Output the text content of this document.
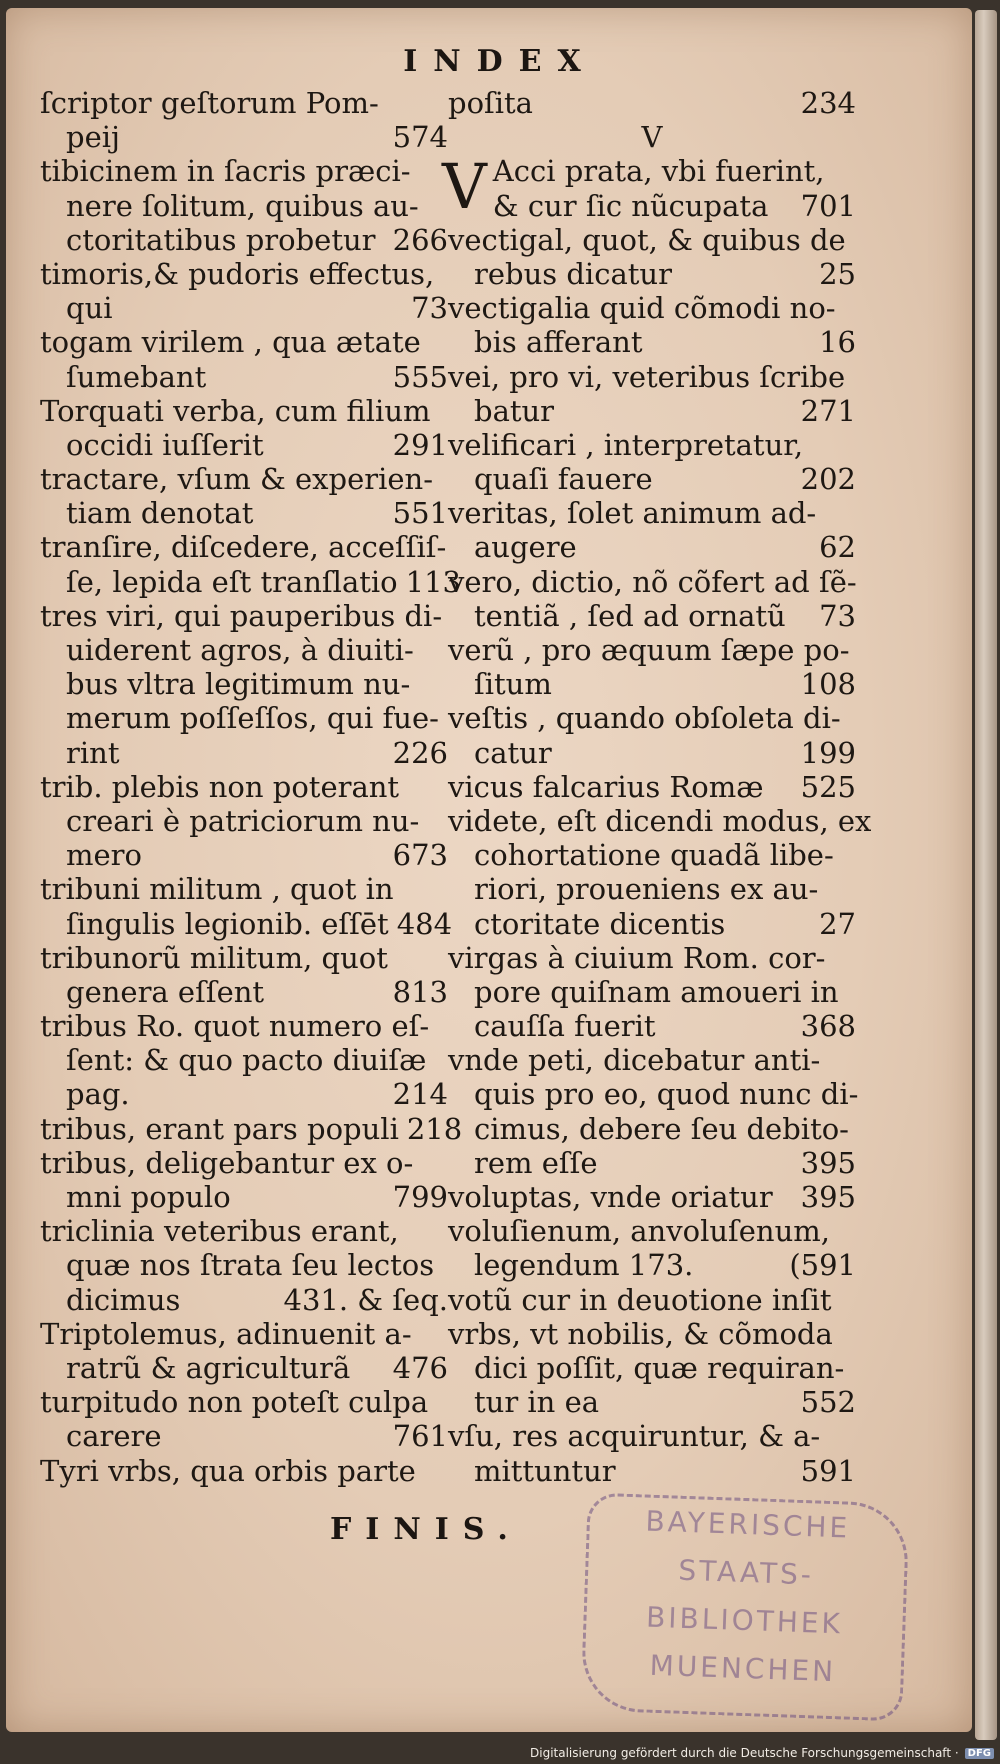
INDEX
ſcriptor geſtorum Pom-
peij	574
tibicinem in ſacris præci-
nere ſolitum, quibus au-
ctoritatibus probetur 266
timoris,& pudoris effectus,
qui	73
togam virilem , qua ætate
ſumebant	555
Torquati verba, cum filium
occidi iuſſerit	291
tractare, vſum & experien-
tiam denotat	551
tranſire, diſcedere, acceſſiſ-
ſe, lepida eſt tranſlatio 113
tres viri, qui pauperibus di-
uiderent agros, à diuiti-
bus vltra legitimum nu-
merum poſſeſſos, qui fue-
rint	226
trib. plebis non poterant
creari è patriciorum nu-
mero	673
tribuni militum , quot in
ſingulis legionib. eſſēt 484
tribunorũ militum, quot
genera eſſent	813
tribus Ro. quot numero eſ-
ſent: & quo pacto diuiſæ
pag.	214
tribus, erant pars populi 218
tribus, deligebantur ex o-
mni populo	799
triclinia veteribus erant,
quæ nos ſtrata ſeu lectos
dicimus	431. & ſeq.
Triptolemus, adinuenit a-
ratrũ & agriculturã 476
turpitudo non poteſt culpa
carere	761
Tyri vrbs, qua orbis parte
poſita	234
V
V Acci prata, vbi fuerint,
& cur ſic nũcupata 701
vectigal, quot, & quibus de
rebus dicatur	25
vectigalia quid cõmodi no-
bis afferant	16
vei, pro vi, veteribus ſcribe
batur	271
velificari , interpretatur,
quaſi fauere	202
veritas, ſolet animum ad-
augere	62
vero, dictio, nõ cõfert ad ſẽ-
tentiã , ſed ad ornatũ 73
verũ , pro æquum ſæpe po-
ſitum	108
veſtis , quando obſoleta di-
catur	199
vicus falcarius Romæ 525
videte, eſt dicendi modus, ex
cohortatione quadã libe-
riori, proueniens ex au-
ctoritate dicentis	27
virgas à ciuium Rom. cor-
pore quiſnam amoueri in
cauſſa fuerit	368
vnde peti, dicebatur anti-
quis pro eo, quod nunc di-
cimus, debere ſeu debito-
rem eſſe	395
voluptas, vnde oriatur 395
voluſienum, anvoluſenum,
legendum 173.	(591
votũ cur in deuotione inſit
vrbs, vt nobilis, & cõmoda
dici poſſit, quæ requiran-
tur in ea	552
vſu, res acquiruntur, & a-
mittuntur	591
FINIS.	BAYERISCHE
STAATS-
BIBLIOTHEK
MUENCHEN
Digitalisierung gefördert durch die Deutsche Forschungsgemeinschaft · DFG
